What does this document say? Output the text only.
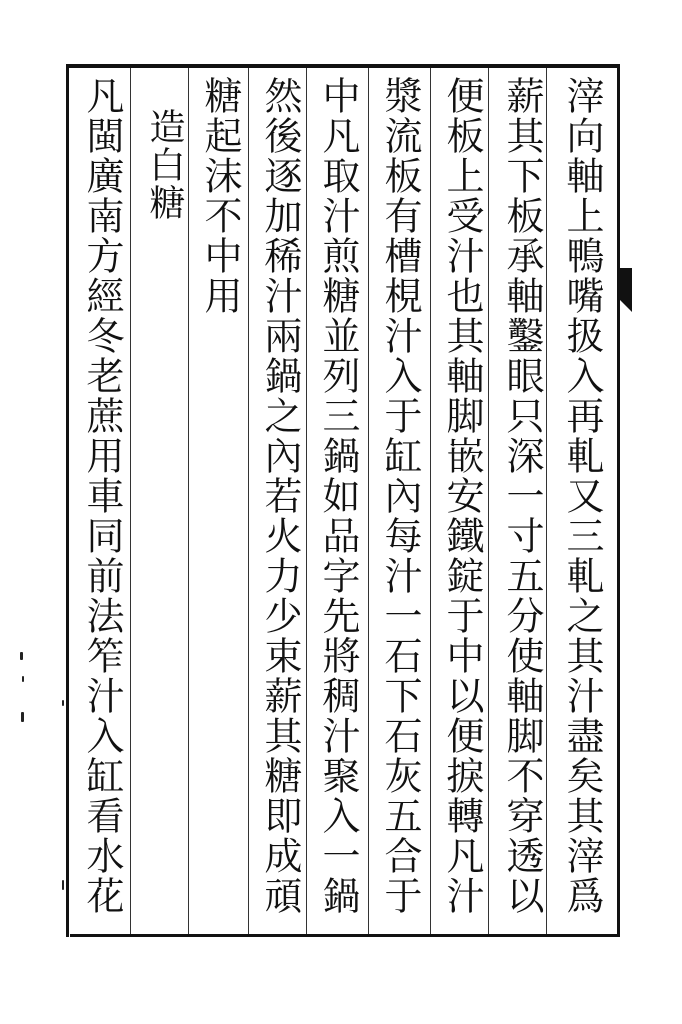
滓向軸上鴨嘴扱入再軋又三軋之其汁盡矣其滓爲
薪其下板承軸鑿眼只深一寸五分使軸脚不穿透以
便板上受汁也其軸脚嵌安鐵錠于中以便捩轉凡汁
漿流板有槽梘汁入于缸內每汁一石下石灰五合于
中凡取汁煎糖並列三鍋如品字先將稠汁聚入一鍋
然後逐加稀汁兩鍋之內若火力少束薪其糖即成頑
糖起沫不中用
造白糖
凡閩廣南方經冬老蔗用車同前法笮汁入缸看水花
